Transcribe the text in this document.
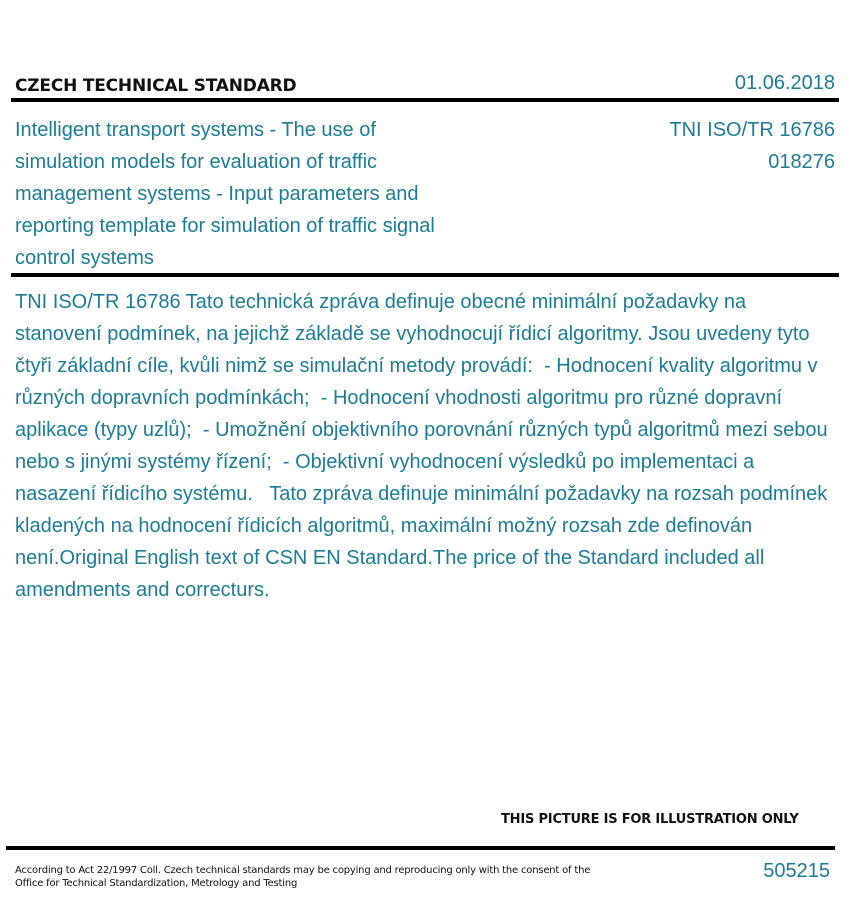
CZECH TECHNICAL STANDARD	01.06.2018
Intelligent transport systems - The use of simulation models for evaluation of traffic management systems - Input parameters and reporting template for simulation of traffic signal control systems
TNI ISO/TR 16786
018276
TNI ISO/TR 16786 Tato technická zpráva definuje obecné minimální požadavky na stanovení podmínek, na jejichž základě se vyhodnocují řídicí algoritmy. Jsou uvedeny tyto čtyři základní cíle, kvůli nimž se simulační metody provádí:  - Hodnocení kvality algoritmu v různých dopravních podmínkách;  - Hodnocení vhodnosti algoritmu pro různé dopravní aplikace (typy uzlů);  - Umožnění objektivního porovnání různých typů algoritmů mezi sebou nebo s jinými systémy řízení;  - Objektivní vyhodnocení výsledků po implementaci a nasazení řídicího systému.   Tato zpráva definuje minimální požadavky na rozsah podmínek kladených na hodnocení řídicích algoritmů, maximální možný rozsah zde definován není.Original English text of CSN EN Standard.The price of the Standard included all amendments and correcturs.
THIS PICTURE IS FOR ILLUSTRATION ONLY
According to Act 22/1997 Coll. Czech technical standards may be copying and reproducing only with the consent of the Office for Technical Standardization, Metrology and Testing
505215
